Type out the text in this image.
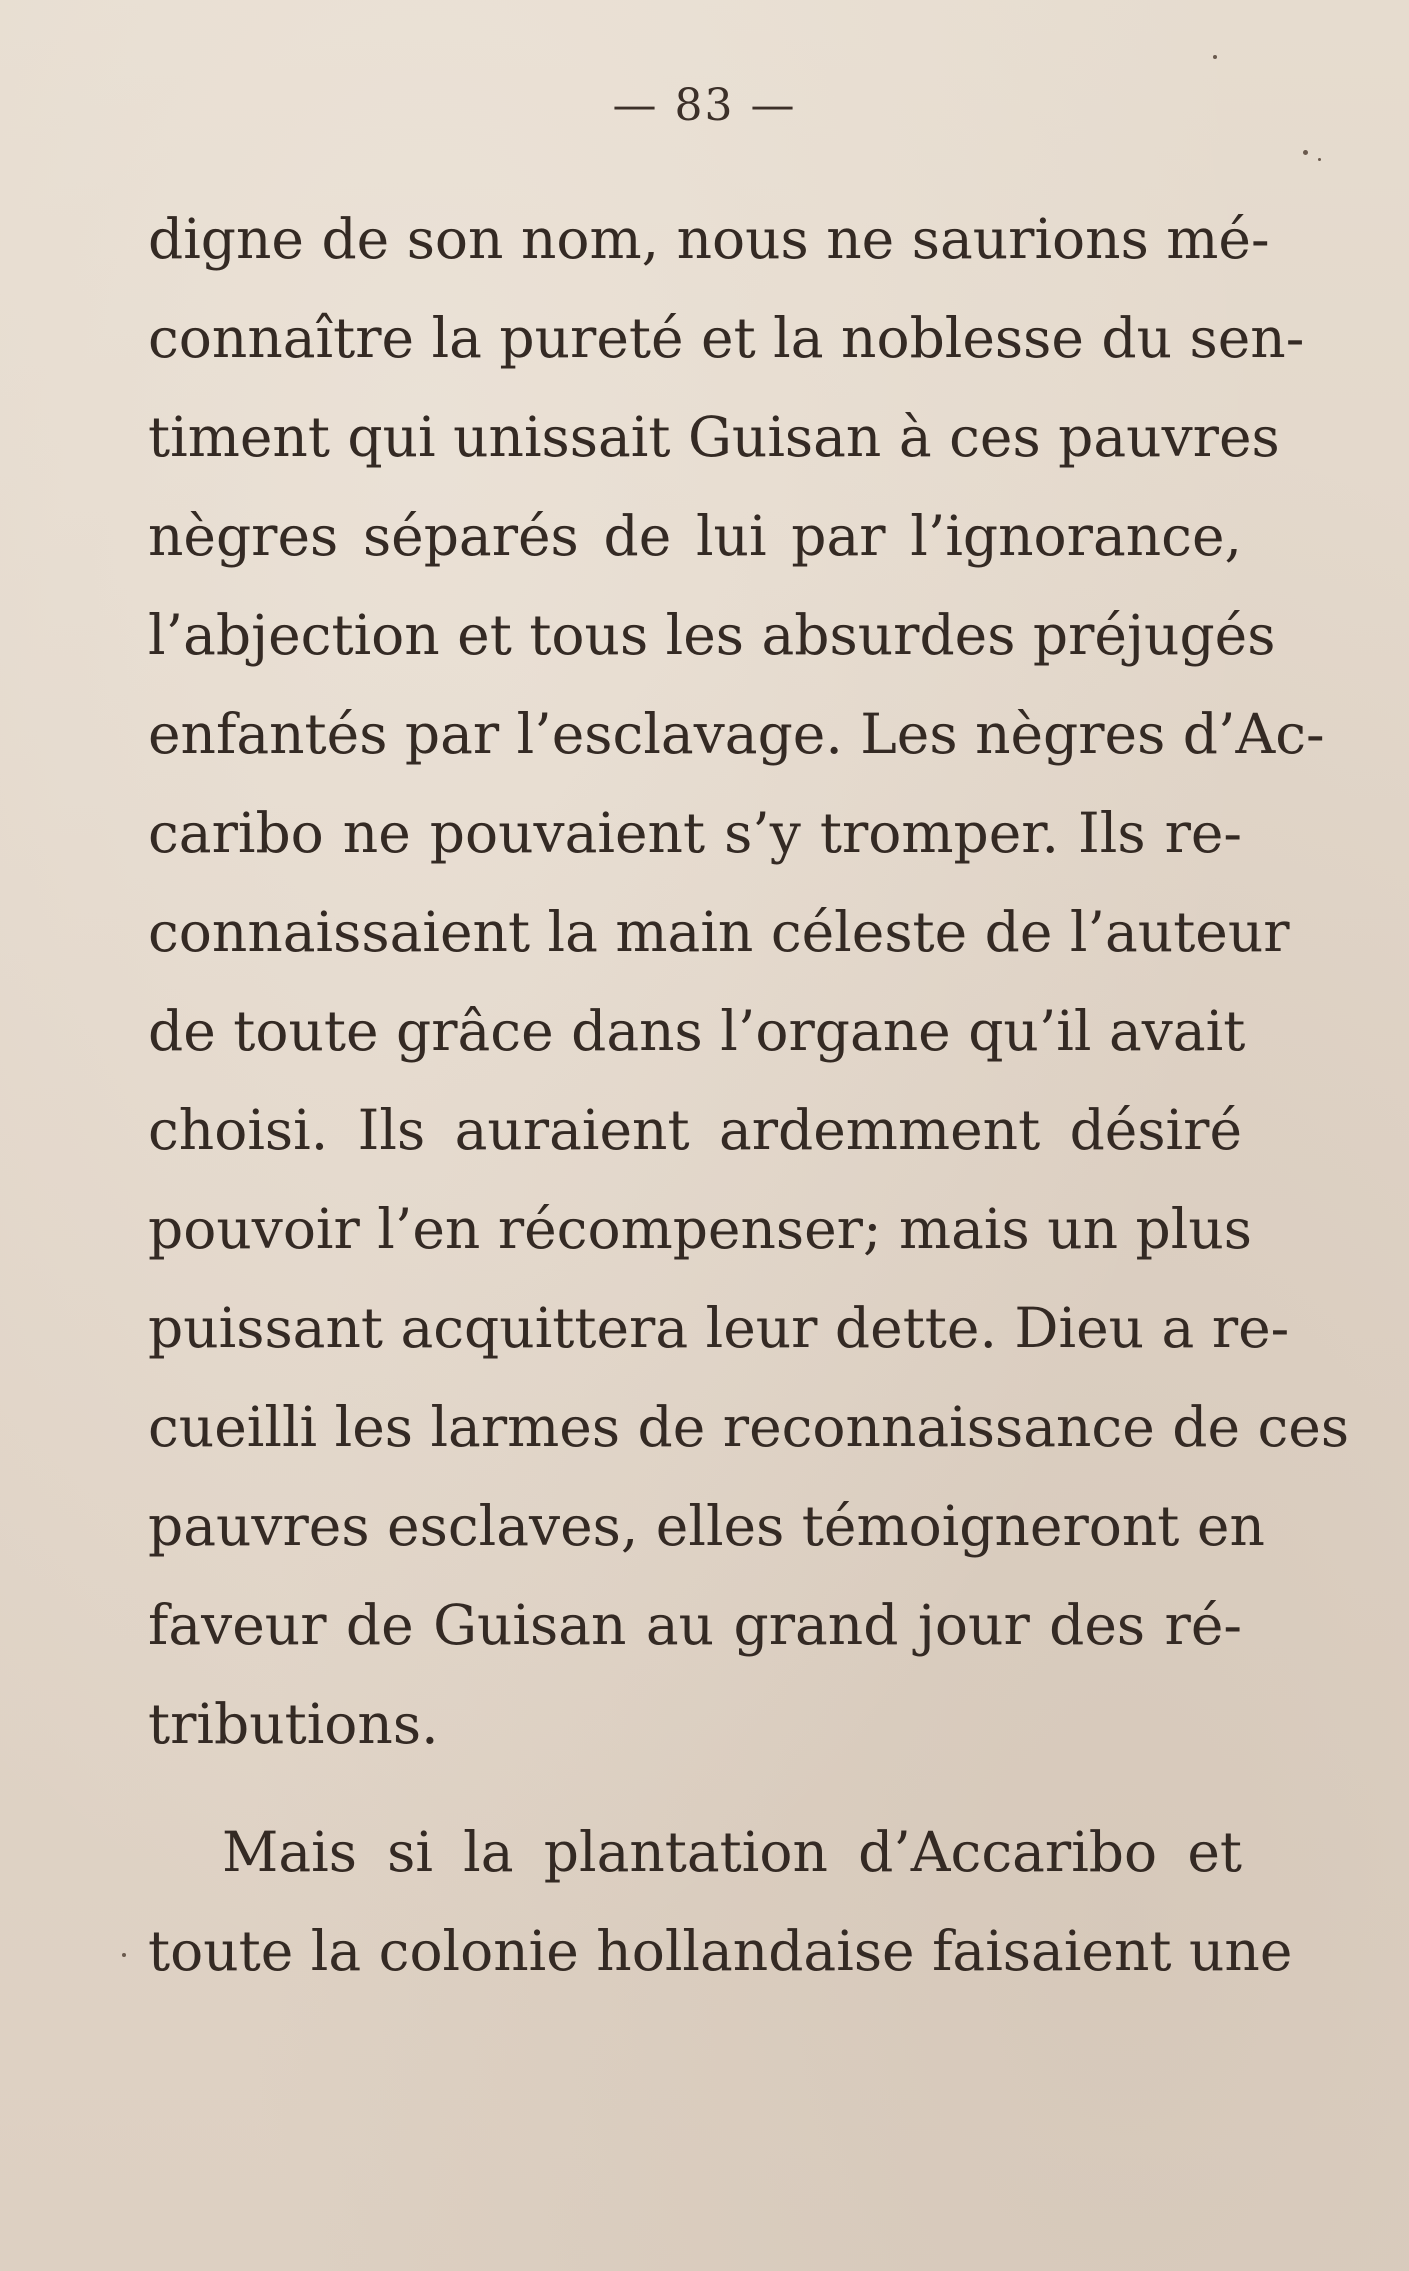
— 83 —
digne de son nom, nous ne saurions mé-
connaître la pureté et la noblesse du sen-
timent qui unissait Guisan à ces pauvres
nègres séparés de lui par l’ignorance,
l’abjection et tous les absurdes préjugés
enfantés par l’esclavage. Les nègres d’Ac-
caribo ne pouvaient s’y tromper. Ils re-
connaissaient la main céleste de l’auteur
de toute grâce dans l’organe qu’il avait
choisi. Ils auraient ardemment désiré
pouvoir l’en récompenser; mais un plus
puissant acquittera leur dette. Dieu a re-
cueilli les larmes de reconnaissance de ces
pauvres esclaves, elles témoigneront en
faveur de Guisan au grand jour des ré-
tributions.
Mais si la plantation d’Accaribo et
toute la colonie hollandaise faisaient une
